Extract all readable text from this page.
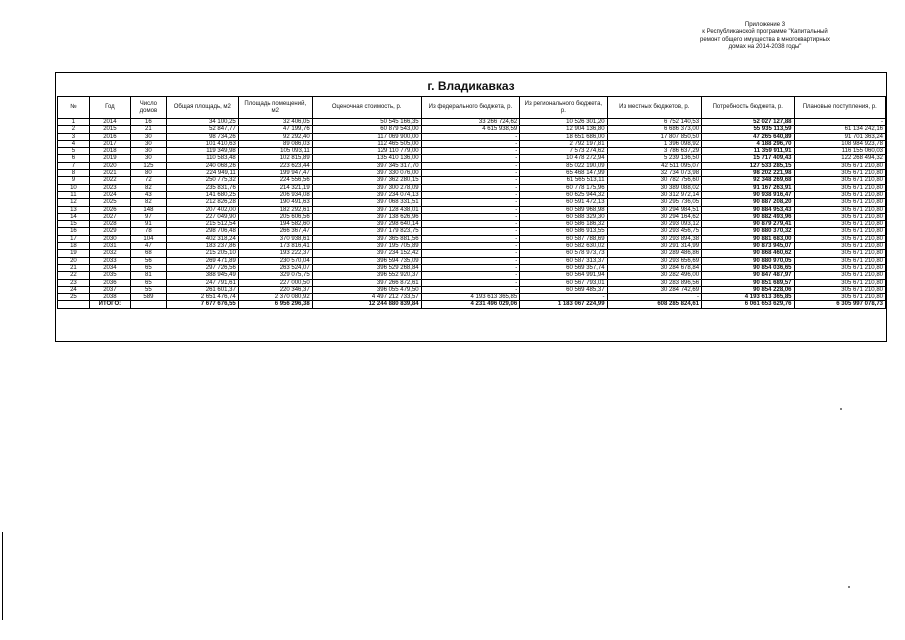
Приложение 3
к Республиканской программе "Капитальный
ремонт общего имущества в многоквартирных
домах на 2014-2038 годы"
г. Владикавказ
№	Год	Число домов	Общая площадь, м2	Площадь помещений, м2	Оценочная стоимость, р.	Из федерального бюджета, р.	Из регионального бюджета, р.	Из местных бюджетов, р.	Потребность бюджета, р.	Плановые поступления, р.
1	2014	16	34 100,25	32 406,05	50 545 166,35	33 266 724,62	10 526 301,20	6 752 140,53	52 027 127,88	-
2	2015	21	52 847,77	47 199,76	60 879 543,00	4 615 938,59	12 904 136,80	6 686 373,00	55 935 113,59	61 134 242,16
3	2016	30	98 734,26	92 292,40	117 069 900,00	-	18 651 686,00	17 807 850,50	47 265 640,89	91 701 363,24
4	2017	30	101 410,63	89 086,03	112 465 505,00	-	2 792 197,81	1 396 098,92	4 188 296,70	108 984 923,78
5	2018	30	119 349,98	105 093,11	129 110 779,00	-	7 573 274,62	3 786 637,29	11 359 911,91	116 155 060,03
6	2019	30	110 583,48	102 815,89	135 410 136,00	-	10 478 272,94	5 239 136,50	15 717 409,43	122 268 494,32
7	2020	125	240 068,26	223 623,44	397 345 317,70	-	85 022 190,09	42 511 095,07	127 533 285,15	305 671 210,80
8	2021	80	224 949,11	199 947,47	397 330 076,00	-	65 468 147,99	32 734 073,98	98 202 221,98	305 671 210,80
9	2022	72	250 775,32	224 556,56	397 362 280,15	-	61 565 513,11	30 782 756,60	92 348 269,68	305 671 210,80
10	2023	82	235 831,76	214 321,19	397 300 278,09	-	60 778 175,96	30 389 088,02	91 167 263,91	305 671 210,80
11	2024	43	141 680,25	206 934,08	397 234 074,13	-	60 625 944,32	30 312 972,14	90 938 916,47	305 671 210,80
12	2025	82	212 826,28	190 491,63	397 068 331,51	-	60 591 472,13	30 295 736,05	90 887 208,20	305 671 210,80
13	2026	148	207 402,00	182 292,61	397 128 438,01	-	60 589 968,98	30 294 984,51	90 884 953,43	305 671 210,80
14	2027	97	227 049,90	205 606,56	397 138 626,96	-	60 588 329,30	30 294 164,62	90 882 493,96	305 671 210,80
15	2028	91	215 512,54	194 582,60	397 298 640,14	-	60 586 186,32	30 293 093,12	90 879 279,41	305 671 210,80
16	2029	78	298 706,48	266 367,47	397 179 823,75	-	60 586 913,55	30 293 456,75	90 880 370,32	305 671 210,80
17	2030	104	402 318,24	370 938,61	397 365 881,56	-	60 587 788,69	30 293 894,38	90 881 683,00	305 671 210,80
18	2031	47	183 237,86	173 816,41	397 195 705,89	-	60 582 630,02	30 291 314,99	90 873 945,07	305 671 210,80
19	2032	68	215 205,10	193 222,37	397 234 152,42	-	60 578 973,73	30 289 486,86	90 868 460,62	305 671 210,80
20	2033	56	269 471,89	230 570,04	396 594 735,09	-	60 587 313,37	30 293 656,69	90 880 970,05	305 671 210,80
21	2034	65	297 726,56	263 524,07	396 529 268,84	-	60 569 357,74	30 284 678,84	90 854 036,65	305 671 210,80
22	2035	81	388 945,49	329 075,75	396 552 920,37	-	60 564 991,94	30 282 496,00	90 847 487,97	305 671 210,80
23	2036	65	247 791,61	227 000,50	397 266 872,61	-	60 567 793,01	30 283 896,56	90 851 689,57	305 671 210,80
24	2037	55	261 601,37	220 346,37	396 055 479,50	-	60 569 485,37	30 284 742,69	90 854 228,06	305 671 210,80
25	2038	589	2 651 476,74	2 370 080,92	4 497 212 733,57	4 193 613 365,85	-	-	4 193 613 365,85	305 671 210,80
	ИТОГО:		7 677 676,55	6 956 296,38	12 244 880 839,84	4 231 496 029,06	1 183 067 224,99	608 285 824,61	6 061 653 629,76	6 305 997 078,73
